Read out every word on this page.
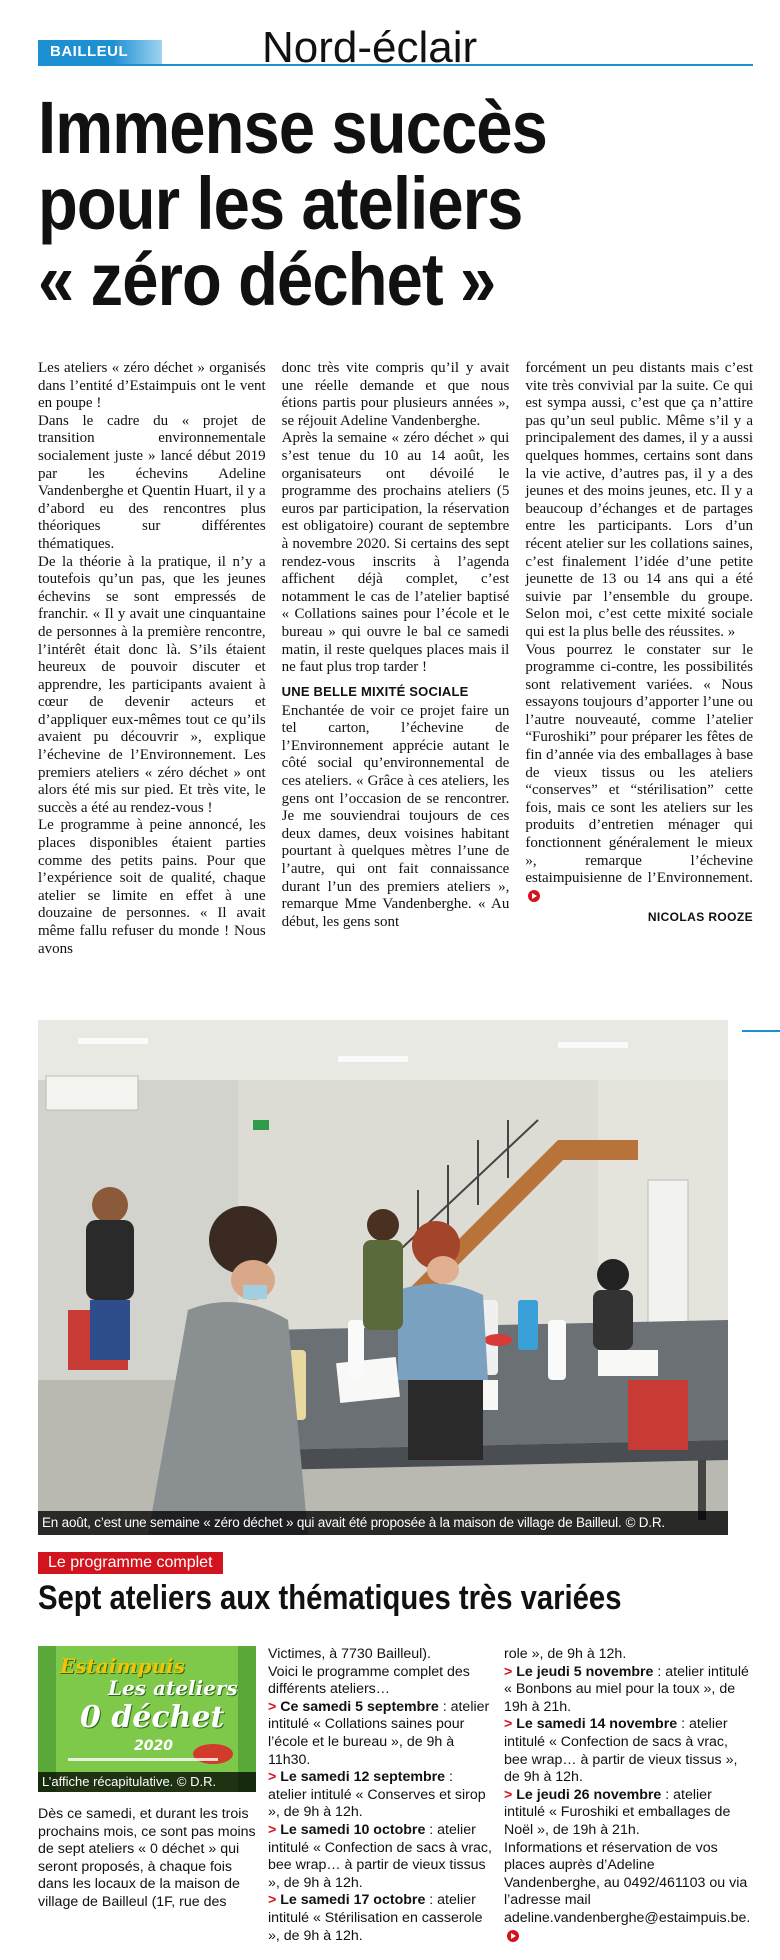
BAILLEUL	Nord-éclair
Immense succès
pour les ateliers
« zéro déchet »

Les ateliers « zéro déchet » organisés dans l’entité d’Estaimpuis ont le vent en poupe !

Dans le cadre du « projet de transition environnementale socialement juste » lancé début 2019 par les échevins Adeline Vandenberghe et Quentin Huart, il y a d’abord eu des rencontres plus théoriques sur différentes thématiques.

De la théorie à la pratique, il n’y a toutefois qu’un pas, que les jeunes échevins se sont empressés de franchir. « Il y avait une cinquantaine de personnes à la première rencontre, l’intérêt était donc là. S’ils étaient heureux de pouvoir discuter et apprendre, les participants avaient à cœur de devenir acteurs et d’appliquer eux-mêmes tout ce qu’ils avaient pu découvrir », explique l’échevine de l’Environnement. Les premiers ateliers « zéro déchet » ont alors été mis sur pied. Et très vite, le succès a été au rendez-vous !

Le programme à peine annoncé, les places disponibles étaient parties comme des petits pains. Pour que l’expérience soit de qualité, chaque atelier se limite en effet à une douzaine de personnes. « Il avait même fallu refuser du monde ! Nous avons

donc très vite compris qu’il y avait une réelle demande et que nous étions partis pour plusieurs années », se réjouit Adeline Vandenberghe.

Après la semaine « zéro déchet » qui s’est tenue du 10 au 14 août, les organisateurs ont dévoilé le programme des prochains ateliers (5 euros par participation, la réservation est obligatoire) courant de septembre à novembre 2020. Si certains des sept rendez-vous inscrits à l’agenda affichent déjà complet, c’est notamment le cas de l’atelier baptisé « Collations saines pour l’école et le bureau » qui ouvre le bal ce samedi matin, il reste quelques places mais il ne faut plus trop tarder !

UNE BELLE MIXITÉ SOCIALE

Enchantée de voir ce projet faire un tel carton, l’échevine de l’Environnement apprécie autant le côté social qu’environnemental de ces ateliers. « Grâce à ces ateliers, les gens ont l’occasion de se rencontrer. Je me souviendrai toujours de ces deux dames, deux voisines habitant pourtant à quelques mètres l’une de l’autre, qui ont fait connaissance durant l’un des premiers ateliers », remarque Mme Vandenberghe. « Au début, les gens sont

forcément un peu distants mais c’est vite très convivial par la suite. Ce qui est sympa aussi, c’est que ça n’attire pas qu’un seul public. Même s’il y a principalement des dames, il y a aussi quelques hommes, certains sont dans la vie active, d’autres pas, il y a des jeunes et des moins jeunes, etc. Il y a beaucoup d’échanges et de partages entre les participants. Lors d’un récent atelier sur les collations saines, c’est finalement l’idée d’une petite jeunette de 13 ou 14 ans qui a été suivie par l’ensemble du groupe. Selon moi, c’est cette mixité sociale qui est la plus belle des réussites. »

Vous pourrez le constater sur le programme ci-contre, les possibilités sont relativement variées. « Nous essayons toujours d’apporter l’une ou l’autre nouveauté, comme l’atelier “Furoshiki” pour préparer les fêtes de fin d’année via des emballages à base de vieux tissus ou les ateliers “conserves” et “stérilisation” cette fois, mais ce sont les ateliers sur les produits d’entretien ménager qui fonctionnent généralement le mieux », remarque l’échevine estaimpuisienne de l’Environnement.

NICOLAS ROOZE
En août, c’est une semaine « zéro déchet » qui avait été proposée à la maison de village de Bailleul. © D.R.
Le programme complet
Sept ateliers aux thématiques très variées
Estaimpuis
Les ateliers
0 déchet
2020
L’affiche récapitulative. © D.R.

Dès ce samedi, et durant les trois prochains mois, ce sont pas moins de sept ateliers « 0 déchet » qui seront proposés, à chaque fois dans les locaux de la maison de village de Bailleul (1F, rue des

Victimes, à 7730 Bailleul).

Voici le programme complet des différents ateliers…

> Ce samedi 5 septembre : atelier intitulé « Collations saines pour l’école et le bureau », de 9h à 11h30.

> Le samedi 12 septembre : atelier intitulé « Conserves et sirop », de 9h à 12h.

> Le samedi 10 octobre : atelier intitulé « Confection de sacs à vrac, bee wrap… à partir de vieux tissus », de 9h à 12h.

> Le samedi 17 octobre : atelier intitulé « Stérilisation en casserole », de 9h à 12h.

role », de 9h à 12h.

> Le jeudi 5 novembre : atelier intitulé « Bonbons au miel pour la toux », de 19h à 21h.

> Le samedi 14 novembre : atelier intitulé « Confection de sacs à vrac, bee wrap… à partir de vieux tissus », de 9h à 12h.

> Le jeudi 26 novembre : atelier intitulé « Furoshiki et emballages de Noël », de 19h à 21h.

Informations et réservation de vos places auprès d’Adeline Vandenberghe, au 0492/461103 ou via l’adresse mail adeline.vandenberghe@estaimpuis.be.
